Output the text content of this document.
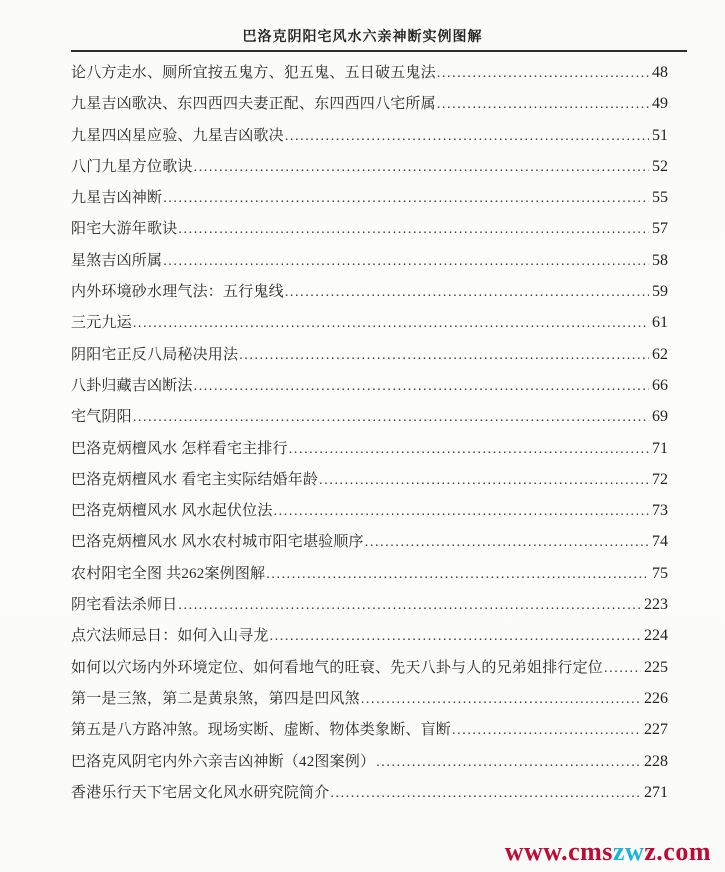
巴洛克阴阳宅风水六亲神断实例图解
论八方走水、厕所宜按五鬼方、犯五鬼、五日破五鬼法 .....	48
九星吉凶歌决、东四西四夫妻正配、东四西四八宅所属 .....	49
九星四凶星应验、九星吉凶歌决 .....	51
八门九星方位歌诀 .....	52
九星吉凶神断 .....	55
阳宅大游年歌诀 .....	57
星煞吉凶所属 .....	58
内外环境砂水理气法：五行鬼线 .....	59
三元九运 .....	61
阴阳宅正反八局秘决用法 .....	62
八卦归藏吉凶断法 .....	66
宅气阴阳 .....	69
巴洛克炳檀风水 怎样看宅主排行 .....	71
巴洛克炳檀风水 看宅主实际结婚年龄 .....	72
巴洛克炳檀风水 风水起伏位法 .....	73
巴洛克炳檀风水 风水农村城市阳宅堪验顺序 .....	74
农村阳宅全图 共262案例图解 .....	75
阴宅看法杀师日 .....	223
点穴法师忌日：如何入山寻龙 .....	224
如何以穴场内外环境定位、如何看地气的旺衰、先天八卦与人的兄弟姐排行定位 .....	225
第一是三煞，第二是黄泉煞，第四是凹风煞 .....	226
第五是八方路冲煞。现场实断、虚断、物体类象断、盲断 .....	227
巴洛克风阴宅内外六亲吉凶神断（42图案例） .....	228
香港乐行天下宅居文化风水研究院简介 .....	271
www.cmszwz.com
